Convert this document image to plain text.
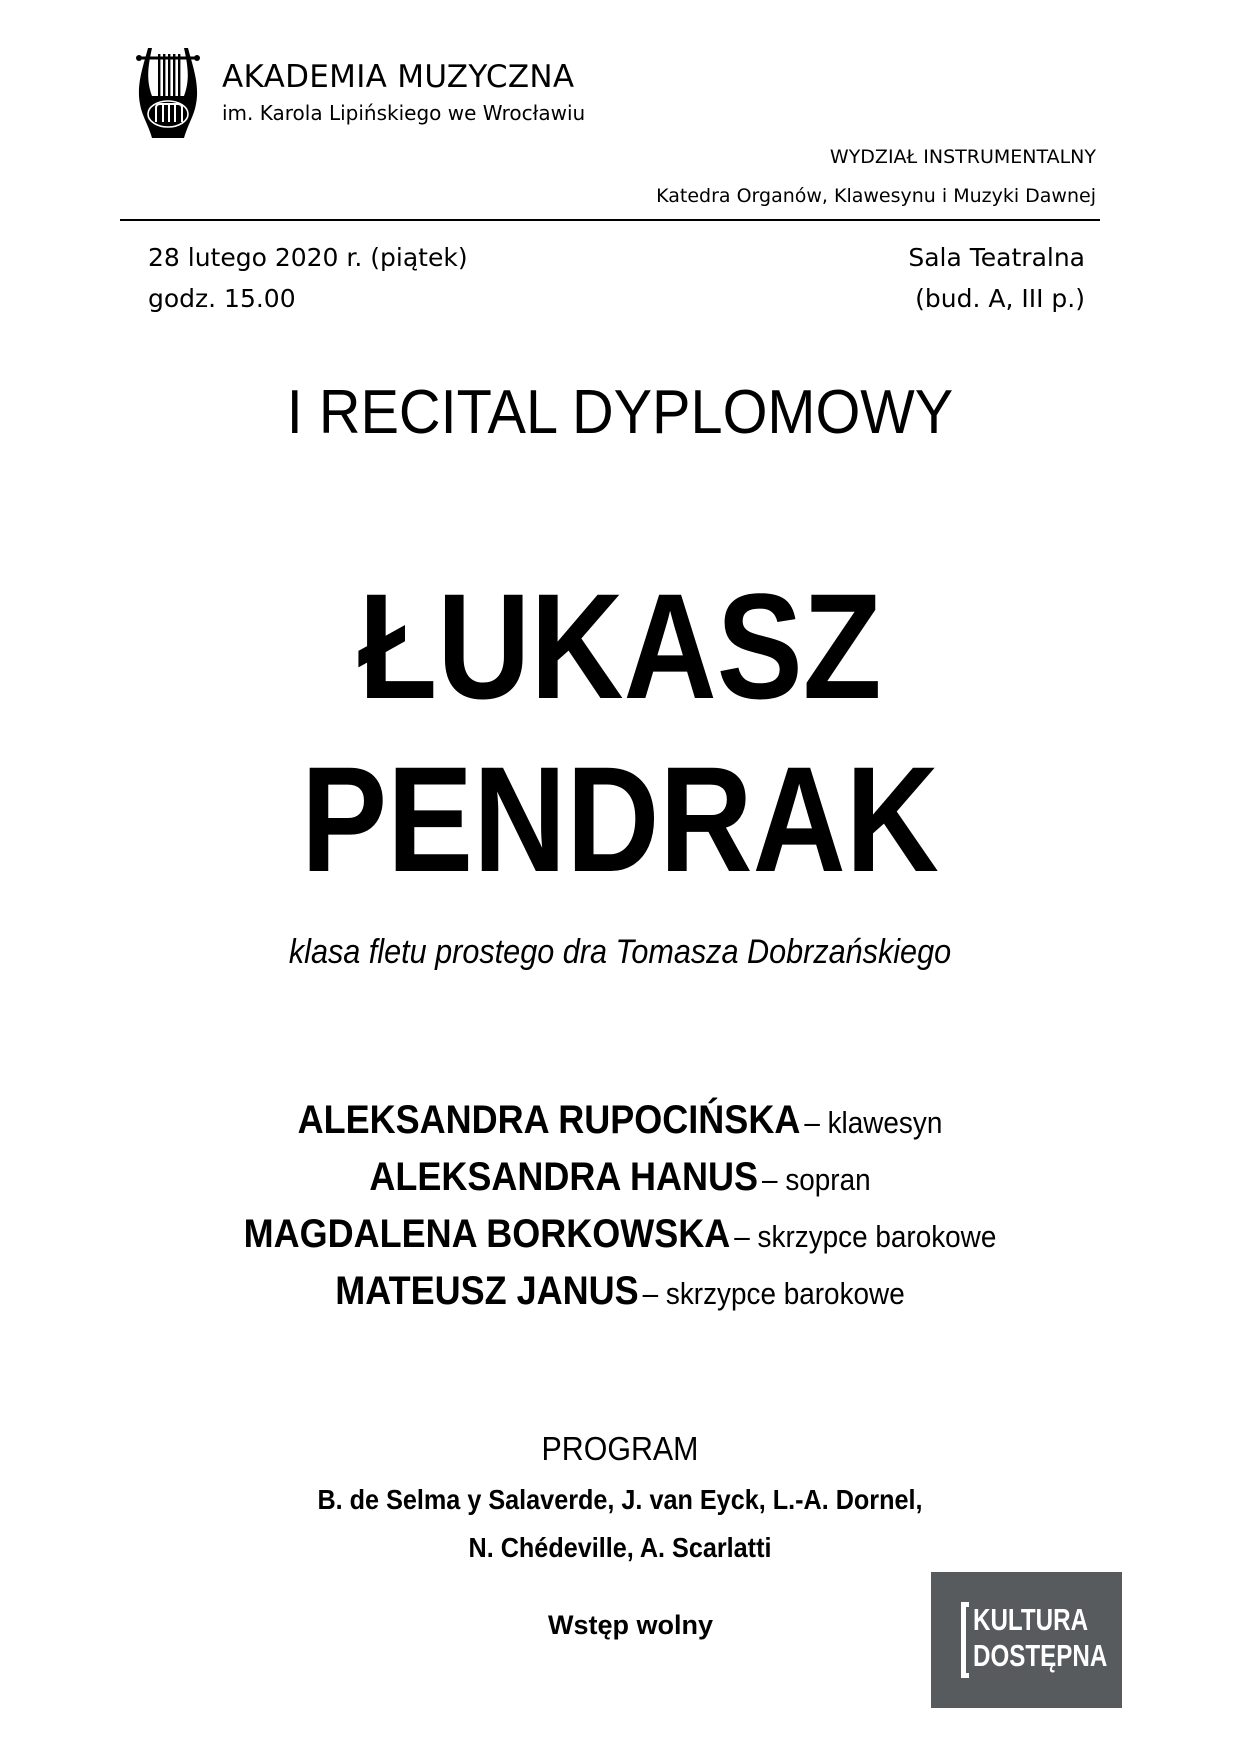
AKADEMIA MUZYCZNA
im. Karola Lipińskiego we Wrocławiu
WYDZIAŁ INSTRUMENTALNY
Katedra Organów, Klawesynu i Muzyki Dawnej
28 lutego 2020 r. (piątek)
godz. 15.00
Sala Teatralna
(bud. A, III p.)
I RECITAL DYPLOMOWY
ŁUKASZ
PENDRAK
klasa fletu prostego dra Tomasza Dobrzańskiego
ALEKSANDRA RUPOCIŃSKA – klawesyn
ALEKSANDRA HANUS – sopran
MAGDALENA BORKOWSKA – skrzypce barokowe
MATEUSZ JANUS – skrzypce barokowe
PROGRAM
B. de Selma y Salaverde, J. van Eyck, L.-A. Dornel,
N. Chédeville, A. Scarlatti
Wstęp wolny	KULTURA
DOSTĘPNA
